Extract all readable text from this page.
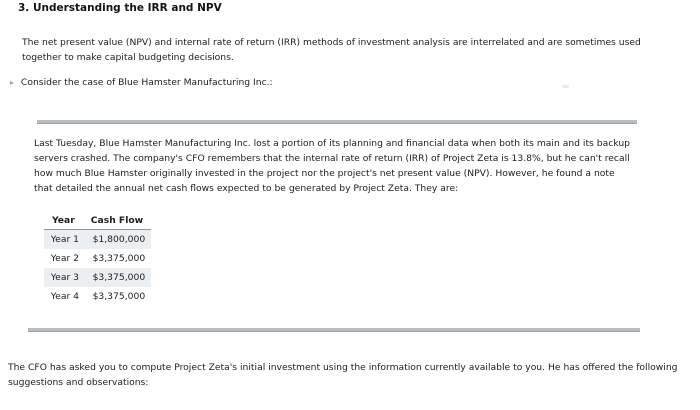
3. Understanding the IRR and NPV
The net present value (NPV) and internal rate of return (IRR) methods of investment analysis are interrelated and are sometimes used together to make capital budgeting decisions.
▸ Consider the case of Blue Hamster Manufacturing Inc.:
Last Tuesday, Blue Hamster Manufacturing Inc. lost a portion of its planning and financial data when both its main and its backup servers crashed. The company's CFO remembers that the internal rate of return (IRR) of Project Zeta is 13.8%, but he can't recall how much Blue Hamster originally invested in the project nor the project's net present value (NPV). However, he found a note that detailed the annual net cash flows expected to be generated by Project Zeta. They are:
Year	Cash Flow
Year 1	$1,800,000
Year 2	$3,375,000
Year 3	$3,375,000
Year 4	$3,375,000
The CFO has asked you to compute Project Zeta's initial investment using the information currently available to you. He has offered the following suggestions and observations:
